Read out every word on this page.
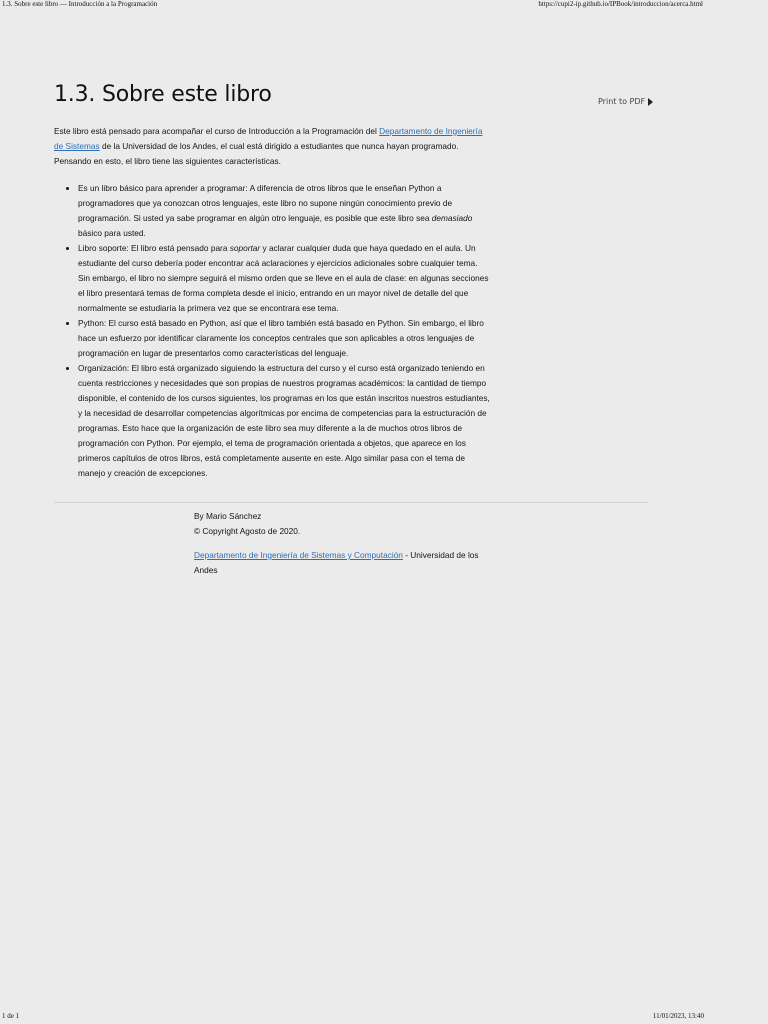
1.3. Sobre este libro — Introducción a la Programación	https://cupi2-ip.github.io/IPBook/introduccion/acerca.html
Print to PDF
1.3. Sobre este libro

Este libro está pensado para acompañar el curso de Introducción a la Programación del Departamento de Ingeniería de Sistemas de la Universidad de los Andes, el cual está dirigido a estudiantes que nunca hayan programado. Pensando en esto, el libro tiene las siguientes características.

• Es un libro básico para aprender a programar: A diferencia de otros libros que le enseñan Python a programadores que ya conozcan otros lenguajes, este libro no supone ningún conocimiento previo de programación. Si usted ya sabe programar en algún otro lenguaje, es posible que este libro sea demasiado básico para usted.
• Libro soporte: El libro está pensado para soportar y aclarar cualquier duda que haya quedado en el aula. Un estudiante del curso debería poder encontrar acá aclaraciones y ejercicios adicionales sobre cualquier tema. Sin embargo, el libro no siempre seguirá el mismo orden que se lleve en el aula de clase: en algunas secciones el libro presentará temas de forma completa desde el inicio, entrando en un mayor nivel de detalle del que normalmente se estudiaría la primera vez que se encontrara ese tema.
• Python: El curso está basado en Python, así que el libro también está basado en Python. Sin embargo, el libro hace un esfuerzo por identificar claramente los conceptos centrales que son aplicables a otros lenguajes de programación en lugar de presentarlos como características del lenguaje.
• Organización: El libro está organizado siguiendo la estructura del curso y el curso está organizado teniendo en cuenta restricciones y necesidades que son propias de nuestros programas académicos: la cantidad de tiempo disponible, el contenido de los cursos siguientes, los programas en los que están inscritos nuestros estudiantes, y la necesidad de desarrollar competencias algorítmicas por encima de competencias para la estructuración de programas. Esto hace que la organización de este libro sea muy diferente a la de muchos otros libros de programación con Python. Por ejemplo, el tema de programación orientada a objetos, que aparece en los primeros capítulos de otros libros, está completamente ausente en este. Algo similar pasa con el tema de manejo y creación de excepciones.
By Mario Sánchez
© Copyright Agosto de 2020.
Departamento de Ingeniería de Sistemas y Computación - Universidad de los Andes
1 de 1	11/01/2023, 13:40
